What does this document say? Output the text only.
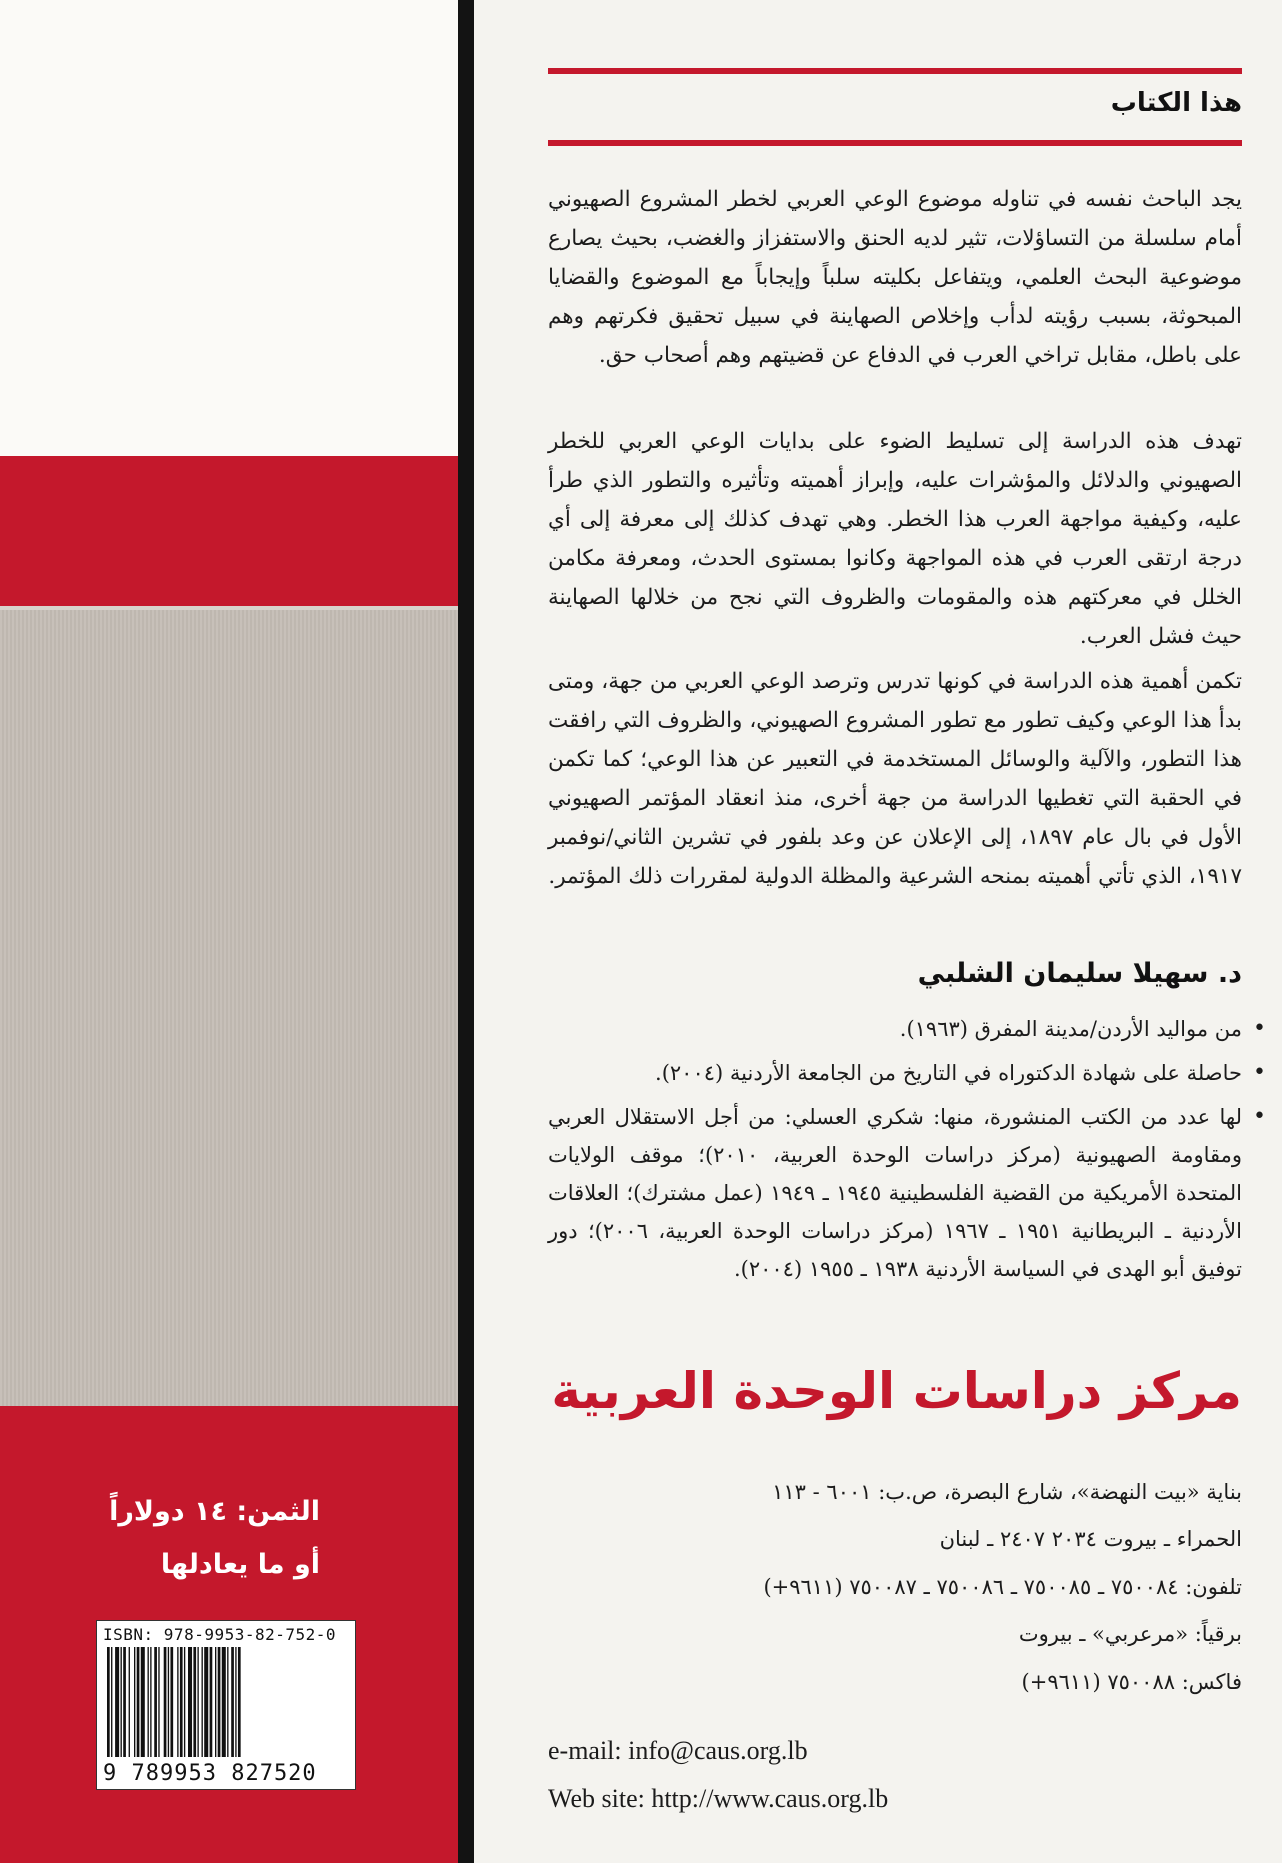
الثمن: ١٤ دولاراً
أو ما يعادلها
ISBN: 978-9953-82-752-0
9 789953 827520
هذا الكتاب

يجد الباحث نفسه في تناوله موضوع الوعي العربي لخطر المشروع الصهيوني أمام سلسلة من التساؤلات، تثير لديه الحنق والاستفزاز والغضب، بحيث يصارع موضوعية البحث العلمي، ويتفاعل بكليته سلباً وإيجاباً مع الموضوع والقضايا المبحوثة، بسبب رؤيته لدأب وإخلاص الصهاينة في سبيل تحقيق فكرتهم وهم على باطل، مقابل تراخي العرب في الدفاع عن قضيتهم وهم أصحاب حق.

تهدف هذه الدراسة إلى تسليط الضوء على بدايات الوعي العربي للخطر الصهيوني والدلائل والمؤشرات عليه، وإبراز أهميته وتأثيره والتطور الذي طرأ عليه، وكيفية مواجهة العرب هذا الخطر. وهي تهدف كذلك إلى معرفة إلى أي درجة ارتقى العرب في هذه المواجهة وكانوا بمستوى الحدث، ومعرفة مكامن الخلل في معركتهم هذه والمقومات والظروف التي نجح من خلالها الصهاينة حيث فشل العرب.

تكمن أهمية هذه الدراسة في كونها تدرس وترصد الوعي العربي من جهة، ومتى بدأ هذا الوعي وكيف تطور مع تطور المشروع الصهيوني، والظروف التي رافقت هذا التطور، والآلية والوسائل المستخدمة في التعبير عن هذا الوعي؛ كما تكمن في الحقبة التي تغطيها الدراسة من جهة أخرى، منذ انعقاد المؤتمر الصهيوني الأول في بال عام ١٨٩٧، إلى الإعلان عن وعد بلفور في تشرين الثاني/نوفمبر ١٩١٧، الذي تأتي أهميته بمنحه الشرعية والمظلة الدولية لمقررات ذلك المؤتمر.

د. سهيلا سليمان الشلبي
• من مواليد الأردن/مدينة المفرق (١٩٦٣).
• حاصلة على شهادة الدكتوراه في التاريخ من الجامعة الأردنية (٢٠٠٤).
• لها عدد من الكتب المنشورة، منها: شكري العسلي: من أجل الاستقلال العربي ومقاومة الصهيونية (مركز دراسات الوحدة العربية، ٢٠١٠)؛ موقف الولايات المتحدة الأمريكية من القضية الفلسطينية ١٩٤٥ ـ ١٩٤٩ (عمل مشترك)؛ العلاقات الأردنية ـ البريطانية ١٩٥١ ـ ١٩٦٧ (مركز دراسات الوحدة العربية، ٢٠٠٦)؛ دور توفيق أبو الهدى في السياسة الأردنية ١٩٣٨ ـ ١٩٥٥ (٢٠٠٤).
مركز دراسات الوحدة العربية
بناية «بيت النهضة»، شارع البصرة، ص.ب: ٦٠٠١ - ١١٣
الحمراء ـ بيروت ٢٠٣٤ ٢٤٠٧ ـ لبنان
تلفون: ٧٥٠٠٨٤ ـ ٧٥٠٠٨٥ ـ ٧٥٠٠٨٦ ـ ٧٥٠٠٨٧ (٩٦١١+)
برقياً: «مرعربي» ـ بيروت
فاكس: ٧٥٠٠٨٨ (٩٦١١+)
e-mail: info@caus.org.lb
Web site: http://www.caus.org.lb
